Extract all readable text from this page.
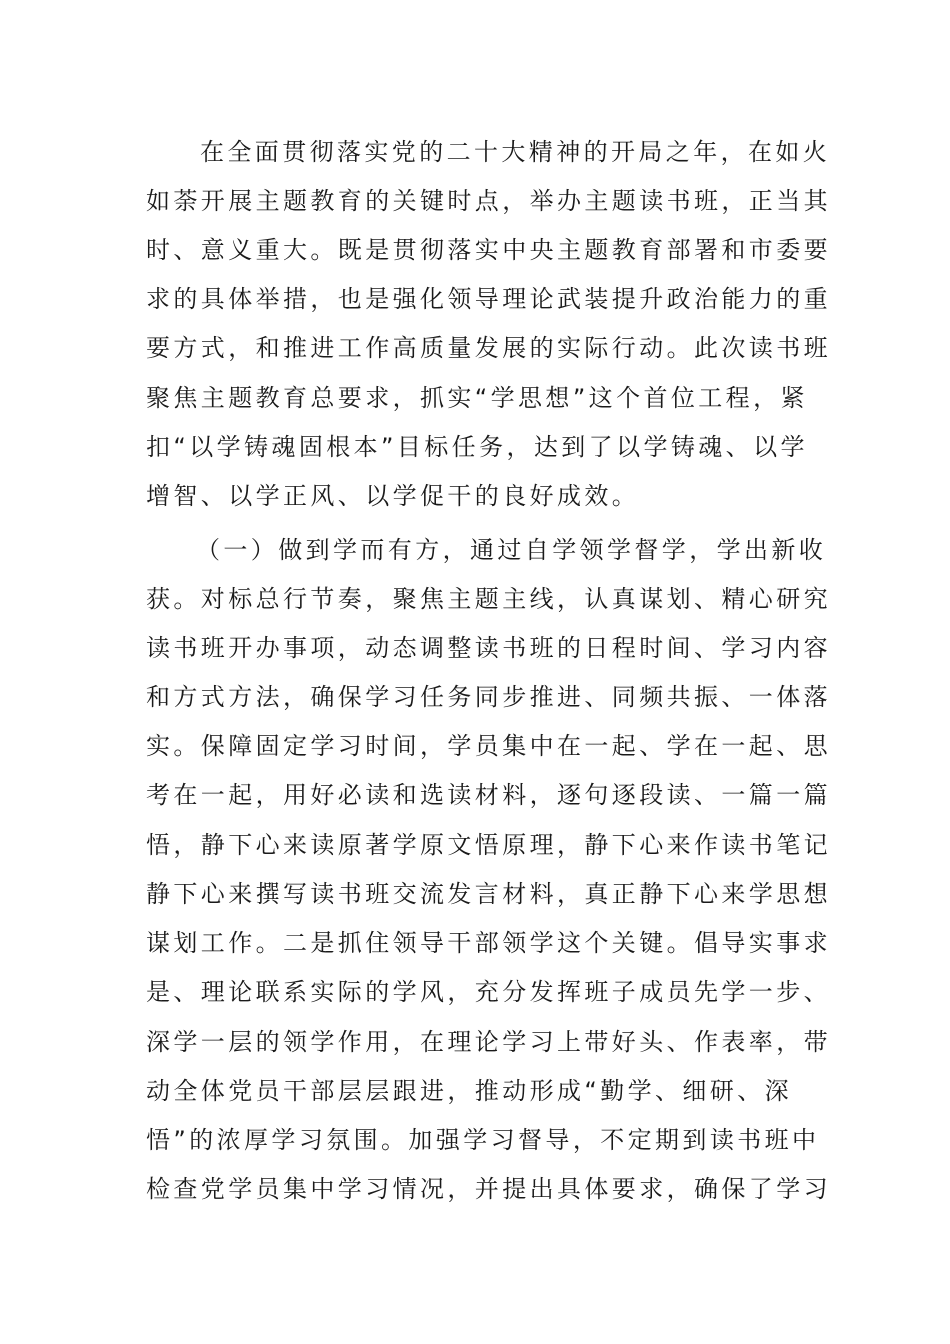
在全面贯彻落实党的二十大精神的开局之年，在如火
如荼开展主题教育的关键时点，举办主题读书班，正当其
时、意义重大。既是贯彻落实中央主题教育部署和市委要
求的具体举措，也是强化领导理论武装提升政治能力的重
要方式，和推进工作高质量发展的实际行动。此次读书班
聚焦主题教育总要求，抓实“学思想”这个首位工程，紧
扣“以学铸魂固根本”目标任务，达到了以学铸魂、以学
增智、以学正风、以学促干的良好成效。
（一）做到学而有方，通过自学领学督学，学出新收
获。对标总行节奏，聚焦主题主线，认真谋划、精心研究
读书班开办事项，动态调整读书班的日程时间、学习内容
和方式方法，确保学习任务同步推进、同频共振、一体落
实。保障固定学习时间，学员集中在一起、学在一起、思
考在一起，用好必读和选读材料，逐句逐段读、一篇一篇
悟，静下心来读原著学原文悟原理，静下心来作读书笔记
静下心来撰写读书班交流发言材料，真正静下心来学思想
谋划工作。二是抓住领导干部领学这个关键。倡导实事求
是、理论联系实际的学风，充分发挥班子成员先学一步、
深学一层的领学作用，在理论学习上带好头、作表率，带
动全体党员干部层层跟进，推动形成“勤学、细研、深
悟”的浓厚学习氛围。加强学习督导，不定期到读书班中
检查党学员集中学习情况，并提出具体要求，确保了学习
